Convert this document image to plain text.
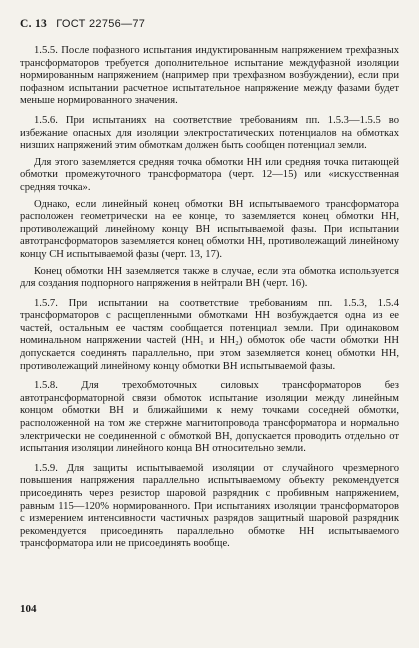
С. 13 ГОСТ 22756—77

1.5.5. После пофазного испытания индуктированным напряжением трехфазных трансформаторов требуется дополнительное испытание междуфазной изоляции нормированным напряжением (например при трехфазном возбуждении), если при пофазном испытании расчетное испытательное напряжение между фазами будет меньше нормированного значения.

1.5.6. При испытаниях на соответствие требованиям пп. 1.5.3—1.5.5 во избежание опасных для изоляции электростатических потенциалов на обмотках низших напряжений этим обмоткам должен быть сообщен потенциал земли.

Для этого заземляется средняя точка обмотки НН или средняя точка питающей обмотки промежуточного трансформатора (черт. 12—15) или «искусственная средняя точка».

Однако, если линейный конец обмотки ВН испытываемого трансформатора расположен геометрически на ее конце, то заземляется конец обмотки НН, противолежащий линейному концу ВН испытываемой фазы. При испытании автотрансформаторов заземляется конец обмотки НН, противолежащий линейному концу СН испытываемой фазы (черт. 13, 17).

Конец обмотки НН заземляется также в случае, если эта обмотка используется для создания подпорного напряжения в нейтрали ВН (черт. 16).

1.5.7. При испытании на соответствие требованиям пп. 1.5.3, 1.5.4 трансформаторов с расщепленными обмотками НН возбуждается одна из ее частей, остальным ее частям сообщается потенциал земли. При одинаковом номинальном напряжении частей (НН₁ и НН₂) обмоток обе части обмотки НН допускается соединять параллельно, при этом заземляется конец обмотки НН, противолежащий линейному концу обмотки ВН испытываемой фазы.

1.5.8. Для трехобмоточных силовых трансформаторов без автотрансформаторной связи обмоток испытание изоляции между линейным концом обмотки ВН и ближайшими к нему точками соседней обмотки, расположенной на том же стержне магнитопровода трансформатора и нормально электрически не соединенной с обмоткой ВН, допускается проводить отдельно от испытания изоляции линейного конца ВН относительно земли.

1.5.9. Для защиты испытываемой изоляции от случайного чрезмерного повышения напряжения параллельно испытываемому объекту рекомендуется присоединять через резистор шаровой разрядник с пробивным напряжением, равным 115—120% нормированного. При испытаниях изоляции трансформаторов с измерением интенсивности частичных разрядов защитный шаровой разрядник рекомендуется присоединять параллельно обмотке НН испытываемого трансформатора или не присоединять вообще.

104
